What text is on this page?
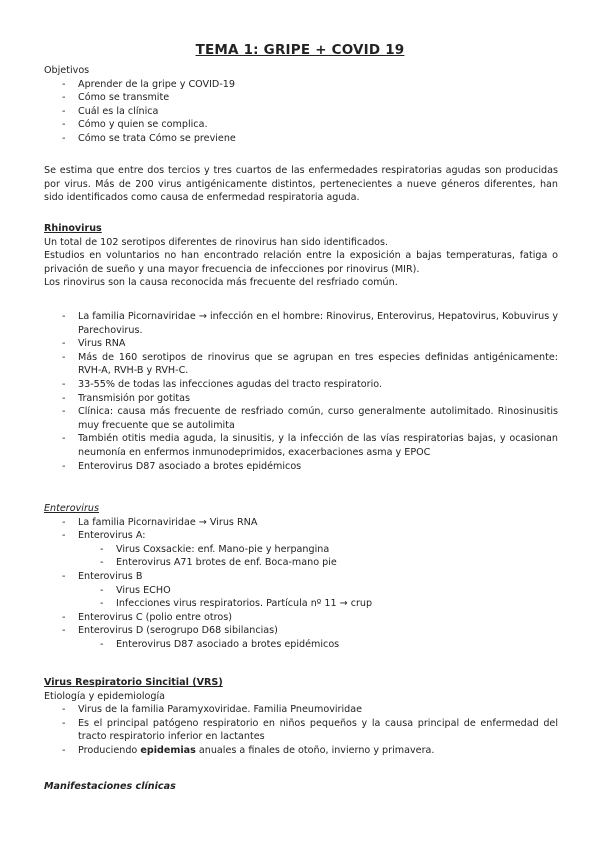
TEMA 1: GRIPE + COVID 19
Objetivos
- Aprender de la gripe y COVID-19
- Cómo se transmite
- Cuál es la clínica
- Cómo y quien se complica.
- Cómo se trata Cómo se previene
Se estima que entre dos tercios y tres cuartos de las enfermedades respiratorias agudas son producidas por virus. Más de 200 virus antigénicamente distintos, pertenecientes a nueve géneros diferentes, han sido identificados como causa de enfermedad respiratoria aguda.
Rhinovirus
Un total de 102 serotipos diferentes de rinovirus han sido identificados.
Estudios en voluntarios no han encontrado relación entre la exposición a bajas temperaturas, fatiga o privación de sueño y una mayor frecuencia de infecciones por rinovirus (MIR).
Los rinovirus son la causa reconocida más frecuente del resfriado común.
- La familia Picornaviridae → infección en el hombre: Rinovirus, Enterovirus, Hepatovirus, Kobuvirus y Parechovirus.
- Virus RNA
- Más de 160 serotipos de rinovirus que se agrupan en tres especies definidas antigénicamente: RVH-A, RVH-B y RVH-C.
- 33-55% de todas las infecciones agudas del tracto respiratorio.
- Transmisión por gotitas
- Clínica: causa más frecuente de resfriado común, curso generalmente autolimitado. Rinosinusitis muy frecuente que se autolimita
- También otitis media aguda, la sinusitis, y la infección de las vías respiratorias bajas, y ocasionan neumonía en enfermos inmunodeprimidos, exacerbaciones asma y EPOC
- Enterovirus D87 asociado a brotes epidémicos
Enterovirus
- La familia Picornaviridae → Virus RNA
- Enterovirus A:
- Virus Coxsackie: enf. Mano-pie y herpangina
- Enterovirus A71 brotes de enf. Boca-mano pie
- Enterovirus B
- Virus ECHO
- Infecciones virus respiratorios. Partícula nº 11 → crup
- Enterovirus C (polio entre otros)
- Enterovirus D (serogrupo D68 sibilancias)
- Enterovirus D87 asociado a brotes epidémicos
Virus Respiratorio Sincitial (VRS)
Etiología y epidemiología
- Virus de la familia Paramyxoviridae. Familia Pneumoviridae
- Es el principal patógeno respiratorio en niños pequeños y la causa principal de enfermedad del tracto respiratorio inferior en lactantes
- Produciendo epidemias anuales a finales de otoño, invierno y primavera.
Manifestaciones clínicas
